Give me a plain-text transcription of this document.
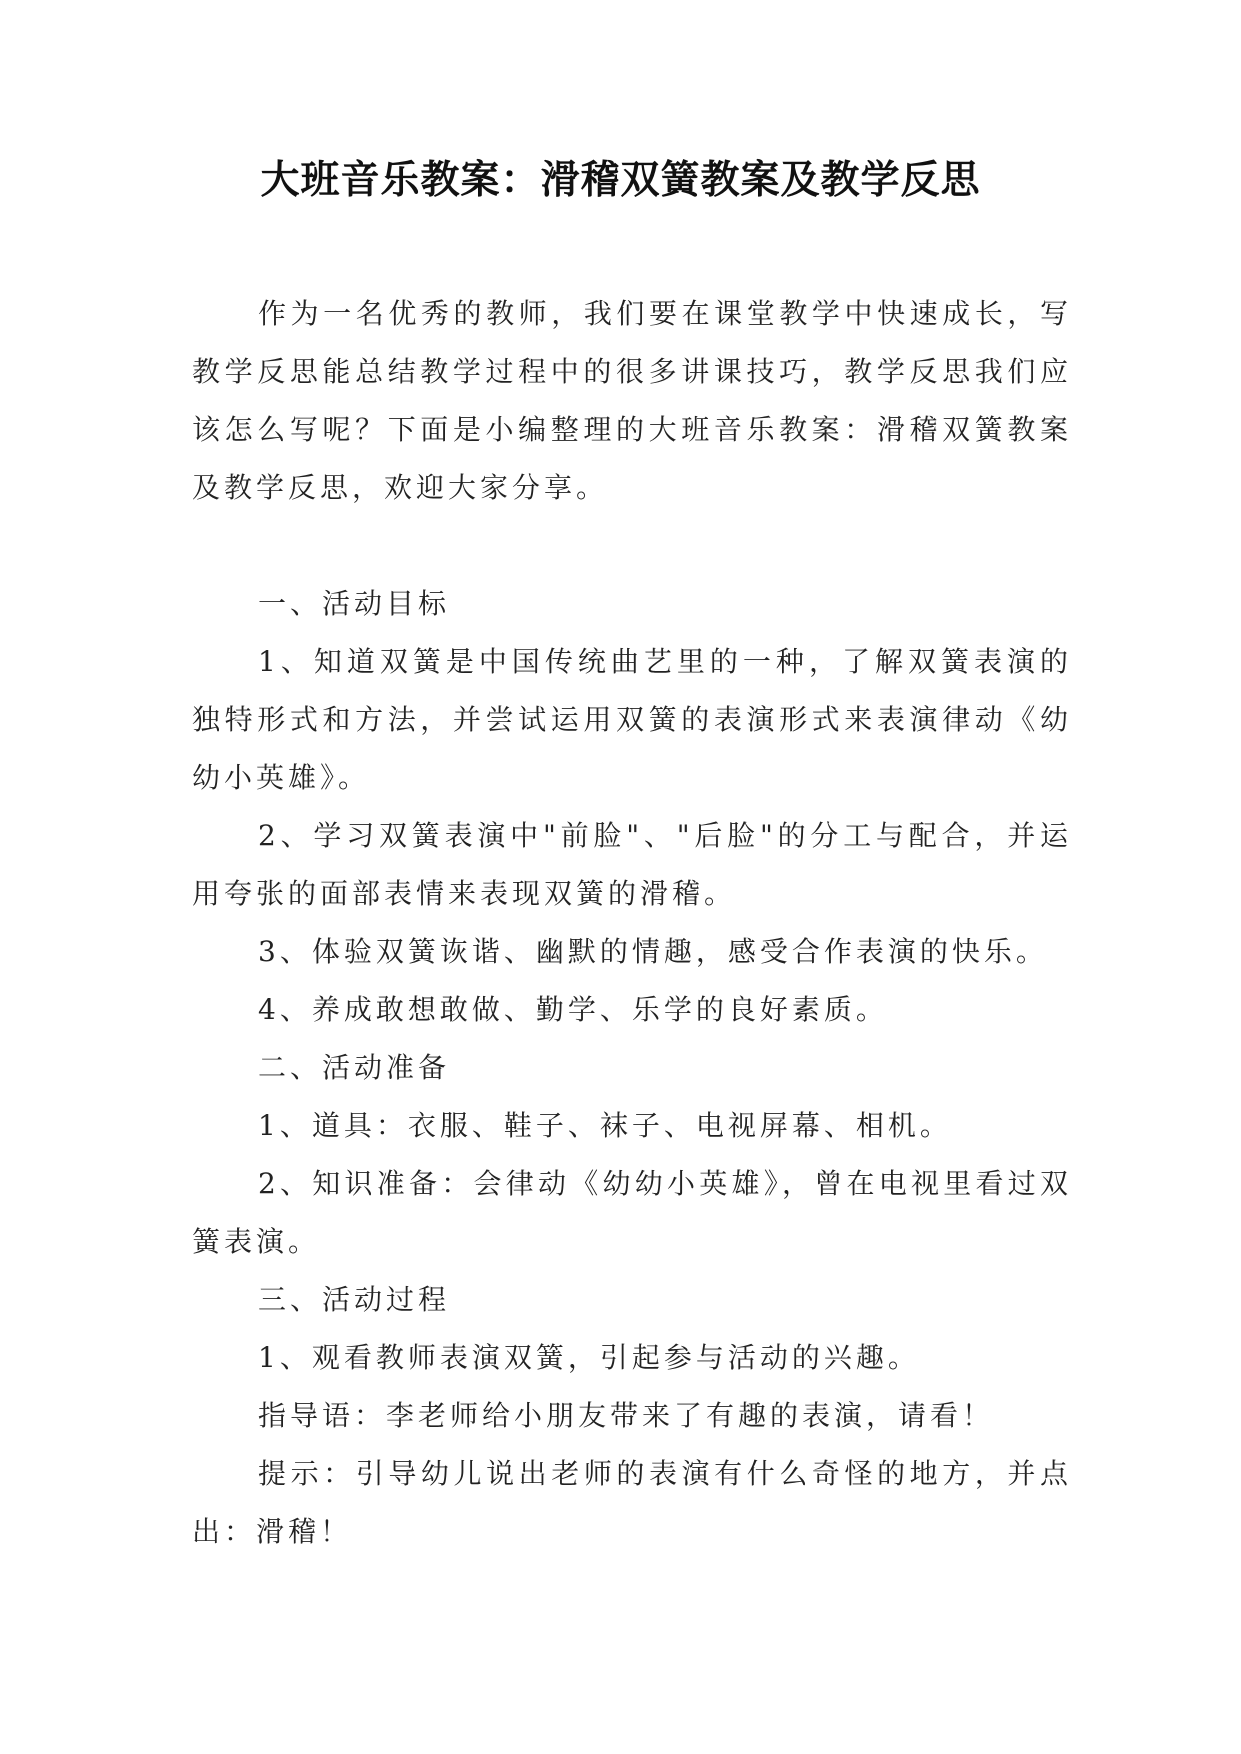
大班音乐教案：滑稽双簧教案及教学反思

作为一名优秀的教师，我们要在课堂教学中快速成长，写教学反思能总结教学过程中的很多讲课技巧，教学反思我们应该怎么写呢？下面是小编整理的大班音乐教案：滑稽双簧教案及教学反思，欢迎大家分享。

一、活动目标

1、知道双簧是中国传统曲艺里的一种，了解双簧表演的独特形式和方法，并尝试运用双簧的表演形式来表演律动《幼幼小英雄》。

2、学习双簧表演中"前脸"、"后脸"的分工与配合，并运用夸张的面部表情来表现双簧的滑稽。

3、体验双簧诙谐、幽默的情趣，感受合作表演的快乐。

4、养成敢想敢做、勤学、乐学的良好素质。

二、活动准备

1、道具：衣服、鞋子、袜子、电视屏幕、相机。

2、知识准备：会律动《幼幼小英雄》，曾在电视里看过双簧表演。

三、活动过程

1、观看教师表演双簧，引起参与活动的兴趣。

指导语：李老师给小朋友带来了有趣的表演，请看！

提示：引导幼儿说出老师的表演有什么奇怪的地方，并点出：滑稽！
